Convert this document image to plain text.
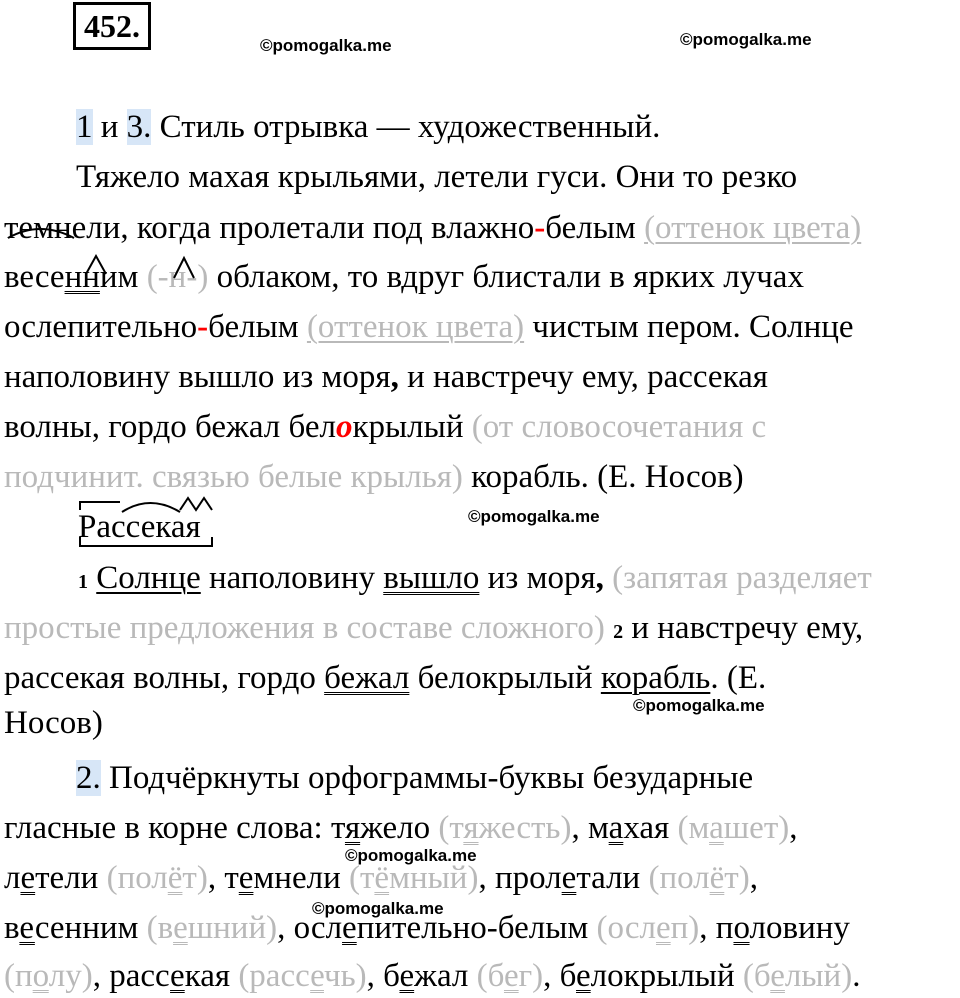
452.
©pomogalka.me	©pomogalka.me
©pomogalka.me
©pomogalka.me
©pomogalka.me
©pomogalka.me
1 и 3. Стиль отрывка — художественный.
Тяжело махая крыльями, летели гуси. Они то резко
темнели, когда пролетали под влажно-белым (оттенок цвета)
весенним (-н-) облаком, то вдруг блистали в ярких лучах
ослепительно-белым (оттенок цвета) чистым пером. Солнце
наполовину вышло из моря, и навстречу ему, рассекая
волны, гордо бежал белокрылый (от словосочетания с
подчинит. связью белые крылья) корабль. (Е. Носов)
Рассекая
1 Солнце наполовину вышло из моря, (запятая разделяет
простые предложения в составе сложного) 2 и навстречу ему,
рассекая волны, гордо бежал белокрылый корабль. (Е.
Носов)
2. Подчёркнуты орфограммы-буквы безударные
гласные в корне слова: тяжело (тяжесть), махая (машет),
летели (полёт), темнели (тёмный), пролетали (полёт),
весенним (вешний), ослепительно-белым (ослеп), половину
(полу), рассекая (рассечь), бежал (бег), белокрылый (белый).
